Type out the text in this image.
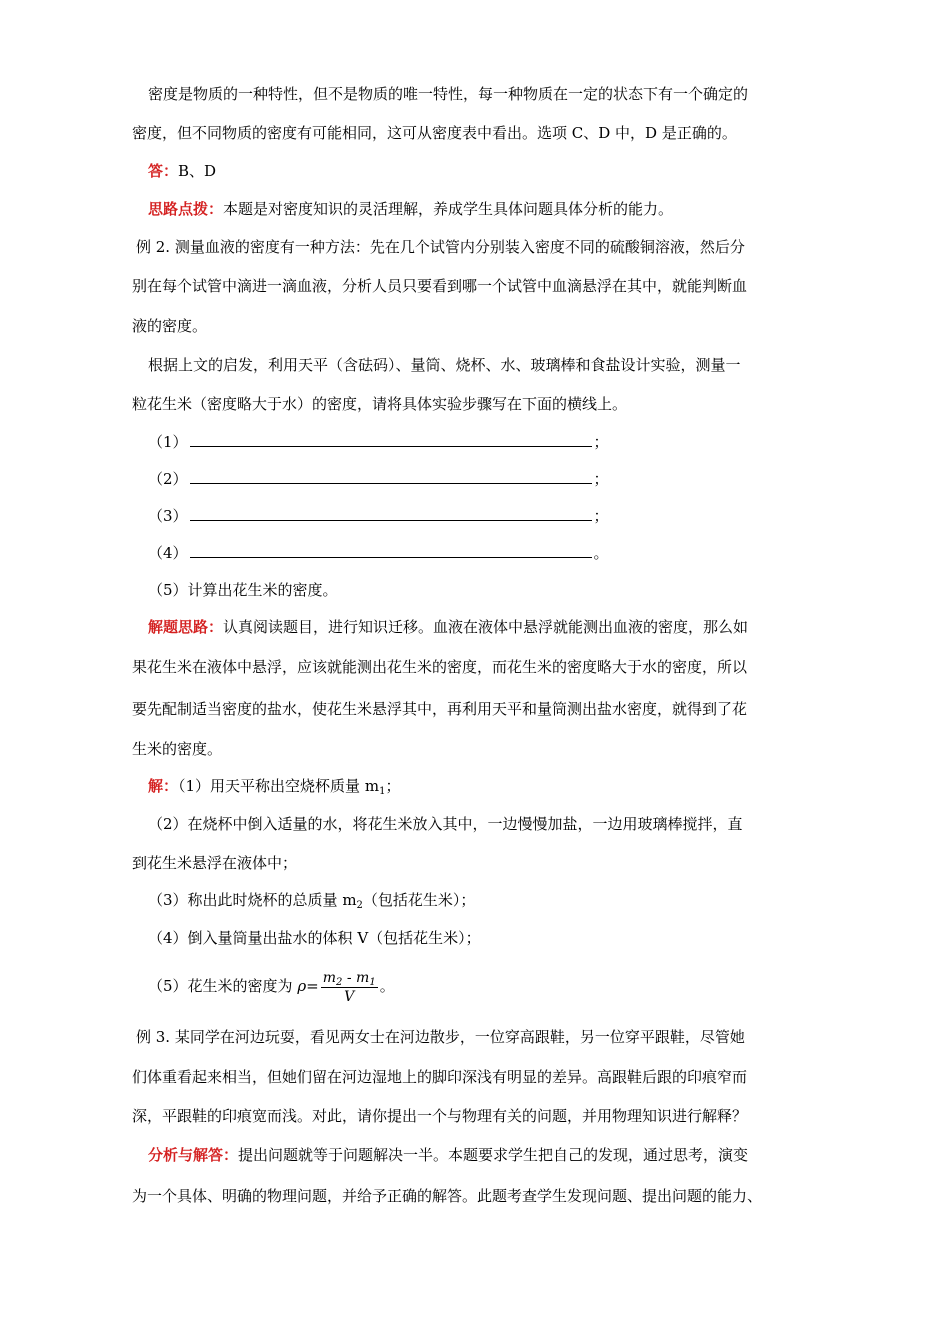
密度是物质的一种特性，但不是物质的唯一特性，每一种物质在一定的状态下有一个确定的
密度，但不同物质的密度有可能相同，这可从密度表中看出。选项 C、D 中，D 是正确的。
答：B、D
思路点拨：本题是对密度知识的灵活理解，养成学生具体问题具体分析的能力。
例 2. 测量血液的密度有一种方法：先在几个试管内分别装入密度不同的硫酸铜溶液，然后分
别在每个试管中滴进一滴血液，分析人员只要看到哪一个试管中血滴悬浮在其中，就能判断血
液的密度。
根据上文的启发，利用天平（含砝码）、量筒、烧杯、水、玻璃棒和食盐设计实验，测量一
粒花生米（密度略大于水）的密度，请将具体实验步骤写在下面的横线上。
（1）	；
（2）	；
（3）	；
（4）	。
（5）计算出花生米的密度。
解题思路：认真阅读题目，进行知识迁移。血液在液体中悬浮就能测出血液的密度，那么如
果花生米在液体中悬浮，应该就能测出花生米的密度，而花生米的密度略大于水的密度，所以
要先配制适当密度的盐水，使花生米悬浮其中，再利用天平和量筒测出盐水密度，就得到了花
生米的密度。
解：（1）用天平称出空烧杯质量 $m_1$；
（2）在烧杯中倒入适量的水，将花生米放入其中，一边慢慢加盐，一边用玻璃棒搅拌，直
到花生米悬浮在液体中；
（3）称出此时烧杯的总质量 $m_2$（包括花生米）；
（4）倒入量筒量出盐水的体积 V（包括花生米）；
（5）花生米的密度为 $\rho= \frac{m_2 - m_1}{V}$ 。
例 3. 某同学在河边玩耍，看见两女士在河边散步，一位穿高跟鞋，另一位穿平跟鞋，尽管她
们体重看起来相当，但她们留在河边湿地上的脚印深浅有明显的差异。高跟鞋后跟的印痕窄而
深，平跟鞋的印痕宽而浅。对此，请你提出一个与物理有关的问题，并用物理知识进行解释？
分析与解答：提出问题就等于问题解决一半。本题要求学生把自己的发现，通过思考，演变
为一个具体、明确的物理问题，并给予正确的解答。此题考查学生发现问题、提出问题的能力、
